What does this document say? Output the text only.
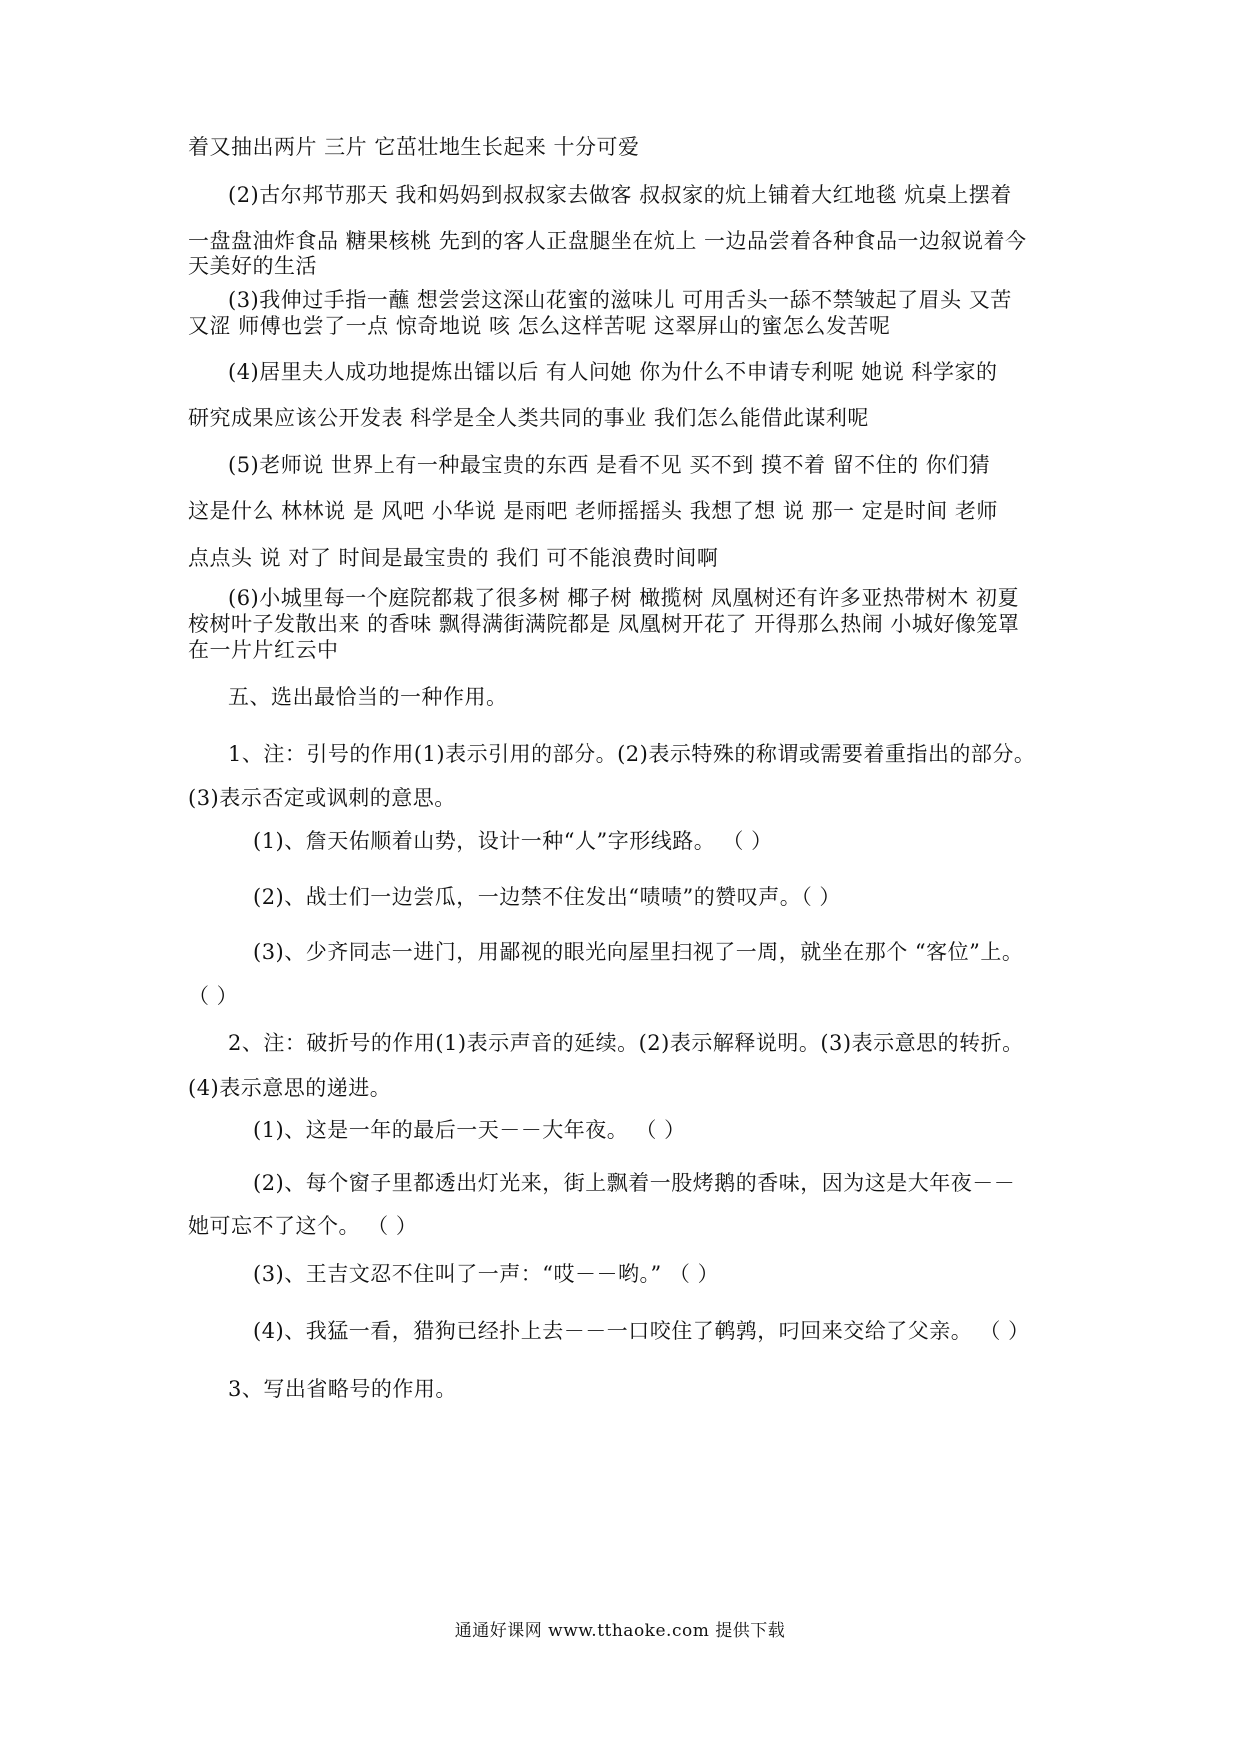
着又抽出两片 三片 它茁壮地生长起来 十分可爱
(2)古尔邦节那天 我和妈妈到叔叔家去做客 叔叔家的炕上铺着大红地毯 炕桌上摆着
一盘盘油炸食品 糖果核桃 先到的客人正盘腿坐在炕上 一边品尝着各种食品一边叙说着今
天美好的生活
(3)我伸过手指一蘸 想尝尝这深山花蜜的滋味儿 可用舌头一舔不禁皱起了眉头 又苦
又涩 师傅也尝了一点 惊奇地说 咳 怎么这样苦呢 这翠屏山的蜜怎么发苦呢
(4)居里夫人成功地提炼出镭以后 有人问她 你为什么不申请专利呢 她说 科学家的
研究成果应该公开发表 科学是全人类共同的事业 我们怎么能借此谋利呢
(5)老师说 世界上有一种最宝贵的东西 是看不见 买不到 摸不着 留不住的 你们猜
这是什么 林林说 是 风吧 小华说 是雨吧 老师摇摇头 我想了想 说 那一 定是时间 老师
点点头 说 对了 时间是最宝贵的 我们 可不能浪费时间啊
(6)小城里每一个庭院都栽了很多树 椰子树 橄揽树 凤凰树还有许多亚热带树木 初夏
桉树叶子发散出来 的香味 飘得满街满院都是 凤凰树开花了 开得那么热闹 小城好像笼罩
在一片片红云中
五、选出最恰当的一种作用。
1、注：引号的作用(1)表示引用的部分。(2)表示特殊的称谓或需要着重指出的部分。
(3)表示否定或讽刺的意思。
(1)、詹天佑顺着山势，设计一种“人”字形线路。 （ ）
(2)、战士们一边尝瓜，一边禁不住发出“啧啧”的赞叹声。（ ）
(3)、少齐同志一进门，用鄙视的眼光向屋里扫视了一周，就坐在那个 “客位”上。
（ ）
2、注：破折号的作用(1)表示声音的延续。(2)表示解释说明。(3)表示意思的转折。
(4)表示意思的递进。
(1)、这是一年的最后一天－－大年夜。 （ ）
(2)、每个窗子里都透出灯光来，街上飘着一股烤鹅的香味，因为这是大年夜－－
她可忘不了这个。 （ ）
(3)、王吉文忍不住叫了一声：“哎－－哟。” （ ）
(4)、我猛一看，猎狗已经扑上去－－一口咬住了鹌鹑，叼回来交给了父亲。 （ ）
3、写出省略号的作用。
通通好课网 www.tthaoke.com 提供下载
